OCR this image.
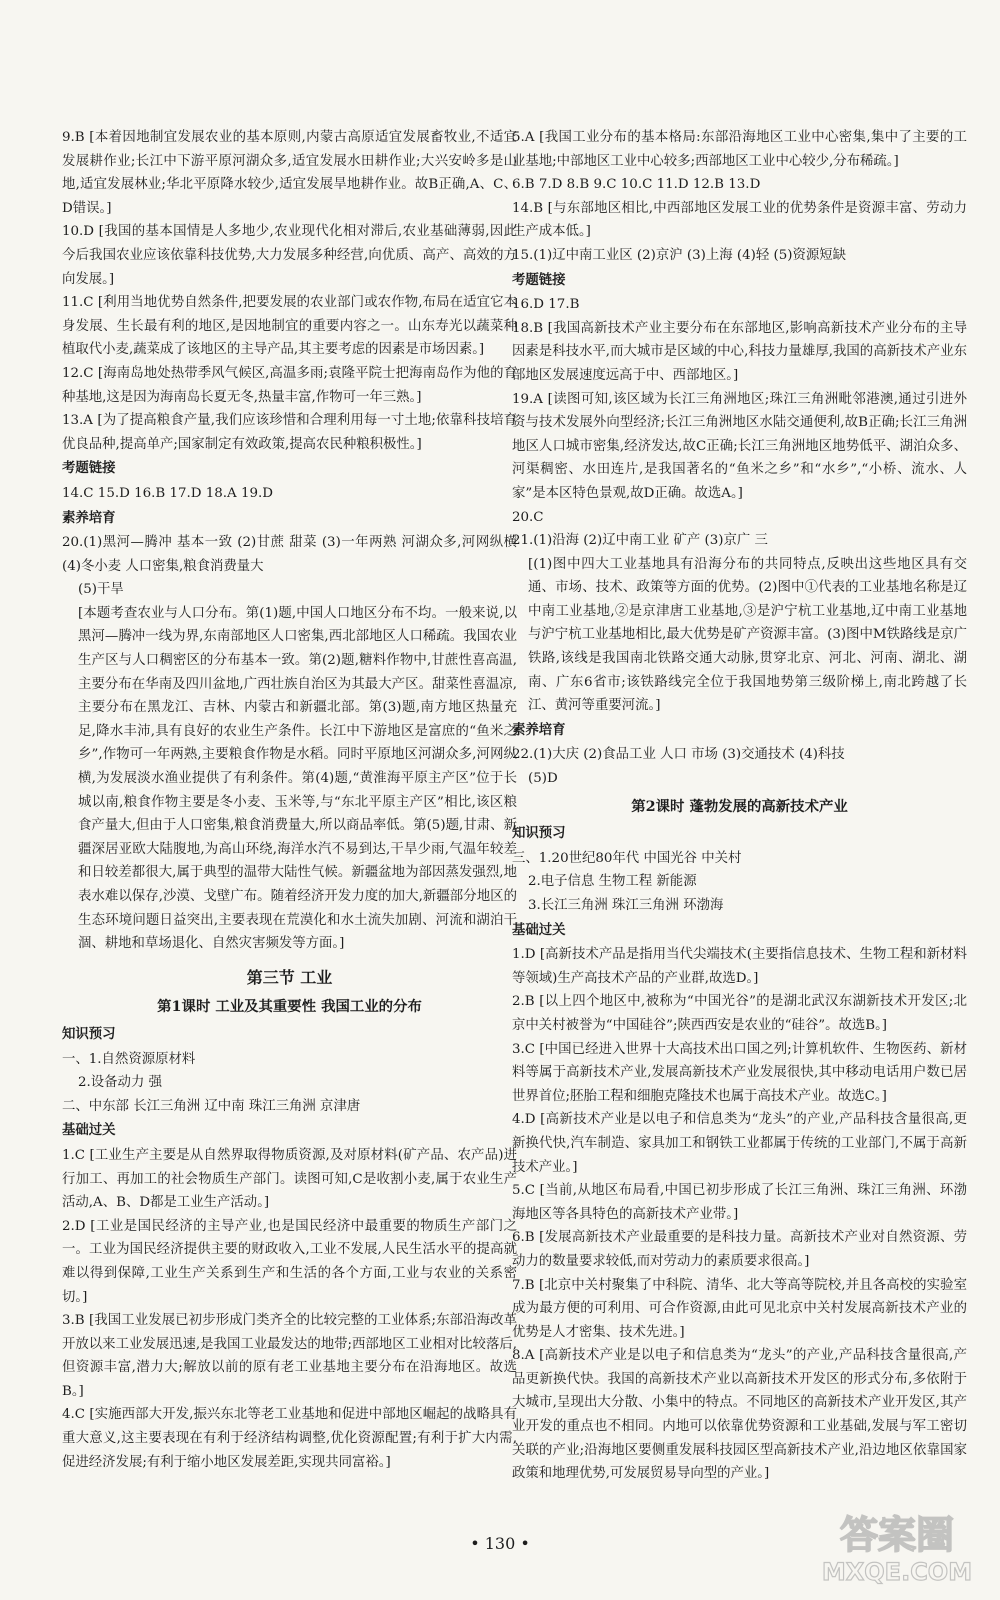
9.B [本着因地制宜发展农业的基本原则,内蒙古高原适宜发展畜牧业,不适宜发展耕作业;长江中下游平原河湖众多,适宜发展水田耕作业;大兴安岭多是山地,适宜发展林业;华北平原降水较少,适宜发展旱地耕作业。故B正确,A、C、D错误。]

10.D [我国的基本国情是人多地少,农业现代化相对滞后,农业基础薄弱,因此今后我国农业应该依靠科技优势,大力发展多种经营,向优质、高产、高效的方向发展。]

11.C [利用当地优势自然条件,把要发展的农业部门或农作物,布局在适宜它本身发展、生长最有利的地区,是因地制宜的重要内容之一。山东寿光以蔬菜种植取代小麦,蔬菜成了该地区的主导产品,其主要考虑的因素是市场因素。]

12.C [海南岛地处热带季风气候区,高温多雨;袁隆平院士把海南岛作为他的育种基地,这是因为海南岛长夏无冬,热量丰富,作物可一年三熟。]

13.A [为了提高粮食产量,我们应该珍惜和合理利用每一寸土地;依靠科技培育优良品种,提高单产;国家制定有效政策,提高农民种粮积极性。]

考题链接

14.C 15.D 16.B 17.D 18.A 19.D

素养培育

20.(1)黑河—腾冲 基本一致 (2)甘蔗 甜菜 (3)一年两熟 河湖众多,河网纵横 (4)冬小麦 人口密集,粮食消费量大

(5)干旱

[本题考查农业与人口分布。第(1)题,中国人口地区分布不均。一般来说,以黑河—腾冲一线为界,东南部地区人口密集,西北部地区人口稀疏。我国农业生产区与人口稠密区的分布基本一致。第(2)题,糖料作物中,甘蔗性喜高温,主要分布在华南及四川盆地,广西壮族自治区为其最大产区。甜菜性喜温凉,主要分布在黑龙江、吉林、内蒙古和新疆北部。第(3)题,南方地区热量充足,降水丰沛,具有良好的农业生产条件。长江中下游地区是富庶的“鱼米之乡”,作物可一年两熟,主要粮食作物是水稻。同时平原地区河湖众多,河网纵横,为发展淡水渔业提供了有利条件。第(4)题,“黄淮海平原主产区”位于长城以南,粮食作物主要是冬小麦、玉米等,与“东北平原主产区”相比,该区粮食产量大,但由于人口密集,粮食消费量大,所以商品率低。第(5)题,甘肃、新疆深居亚欧大陆腹地,为高山环绕,海洋水汽不易到达,干旱少雨,气温年较差和日较差都很大,属于典型的温带大陆性气候。新疆盆地为部因蒸发强烈,地表水难以保存,沙漠、戈壁广布。随着经济开发力度的加大,新疆部分地区的生态环境问题日益突出,主要表现在荒漠化和水土流失加剧、河流和湖泊干涸、耕地和草场退化、自然灾害频发等方面。]

第三节 工业

第1课时 工业及其重要性 我国工业的分布

知识预习

一、1.自然资源原材料

2.设备动力 强

二、中东部 长江三角洲 辽中南 珠江三角洲 京津唐

基础过关

1.C [工业生产主要是从自然界取得物质资源,及对原材料(矿产品、农产品)进行加工、再加工的社会物质生产部门。读图可知,C是收割小麦,属于农业生产活动,A、B、D都是工业生产活动。]

2.D [工业是国民经济的主导产业,也是国民经济中最重要的物质生产部门之一。工业为国民经济提供主要的财政收入,工业不发展,人民生活水平的提高就难以得到保障,工业生产关系到生产和生活的各个方面,工业与农业的关系密切。]

3.B [我国工业发展已初步形成门类齐全的比较完整的工业体系;东部沿海改革开放以来工业发展迅速,是我国工业最发达的地带;西部地区工业相对比较落后,但资源丰富,潜力大;解放以前的原有老工业基地主要分布在沿海地区。故选B。]

4.C [实施西部大开发,振兴东北等老工业基地和促进中部地区崛起的战略具有重大意义,这主要表现在有利于经济结构调整,优化资源配置;有利于扩大内需,促进经济发展;有利于缩小地区发展差距,实现共同富裕。]

5.A [我国工业分布的基本格局:东部沿海地区工业中心密集,集中了主要的工业基地;中部地区工业中心较多;西部地区工业中心较少,分布稀疏。]

6.B 7.D 8.B 9.C 10.C 11.D 12.B 13.D

14.B [与东部地区相比,中西部地区发展工业的优势条件是资源丰富、劳动力生产成本低。]

15.(1)辽中南工业区 (2)京沪 (3)上海 (4)轻 (5)资源短缺

考题链接

16.D 17.B

18.B [我国高新技术产业主要分布在东部地区,影响高新技术产业分布的主导因素是科技水平,而大城市是区域的中心,科技力量雄厚,我国的高新技术产业东部地区发展速度远高于中、西部地区。]

19.A [读图可知,该区域为长江三角洲地区;珠江三角洲毗邻港澳,通过引进外资与技术发展外向型经济;长江三角洲地区水陆交通便利,故B正确;长江三角洲地区人口城市密集,经济发达,故C正确;长江三角洲地区地势低平、湖泊众多、河渠稠密、水田连片,是我国著名的“鱼米之乡”和“水乡”,“小桥、流水、人家”是本区特色景观,故D正确。故选A。]

20.C

21.(1)沿海 (2)辽中南工业 矿产 (3)京广 三

[(1)图中四大工业基地具有沿海分布的共同特点,反映出这些地区具有交通、市场、技术、政策等方面的优势。(2)图中①代表的工业基地名称是辽中南工业基地,②是京津唐工业基地,③是沪宁杭工业基地,辽中南工业基地与沪宁杭工业基地相比,最大优势是矿产资源丰富。(3)图中M铁路线是京广铁路,该线是我国南北铁路交通大动脉,贯穿北京、河北、河南、湖北、湖南、广东6省市;该铁路线完全位于我国地势第三级阶梯上,南北跨越了长江、黄河等重要河流。]

素养培育

22.(1)大庆 (2)食品工业 人口 市场 (3)交通技术 (4)科技

(5)D

第2课时 蓬勃发展的高新技术产业

知识预习

三、1.20世纪80年代 中国光谷 中关村

2.电子信息 生物工程 新能源

3.长江三角洲 珠江三角洲 环渤海

基础过关

1.D [高新技术产品是指用当代尖端技术(主要指信息技术、生物工程和新材料等领域)生产高技术产品的产业群,故选D。]

2.B [以上四个地区中,被称为“中国光谷”的是湖北武汉东湖新技术开发区;北京中关村被誉为“中国硅谷”;陕西西安是农业的“硅谷”。故选B。]

3.C [中国已经进入世界十大高技术出口国之列;计算机软件、生物医药、新材料等属于高新技术产业,发展高新技术产业发展很快,其中移动电话用户数已居世界首位;胚胎工程和细胞克隆技术也属于高技术产业。故选C。]

4.D [高新技术产业是以电子和信息类为“龙头”的产业,产品科技含量很高,更新换代快,汽车制造、家具加工和钢铁工业都属于传统的工业部门,不属于高新技术产业。]

5.C [当前,从地区布局看,中国已初步形成了长江三角洲、珠江三角洲、环渤海地区等各具特色的高新技术产业带。]

6.B [发展高新技术产业最重要的是科技力量。高新技术产业对自然资源、劳动力的数量要求较低,而对劳动力的素质要求很高。]

7.B [北京中关村聚集了中科院、清华、北大等高等院校,并且各高校的实验室成为最方便的可利用、可合作资源,由此可见北京中关村发展高新技术产业的优势是人才密集、技术先进。]

8.A [高新技术产业是以电子和信息类为“龙头”的产业,产品科技含量很高,产品更新换代快。我国的高新技术产业以高新技术开发区的形式分布,多依附于大城市,呈现出大分散、小集中的特点。不同地区的高新技术产业开发区,其产业开发的重点也不相同。内地可以依靠优势资源和工业基础,发展与军工密切关联的产业;沿海地区要侧重发展科技园区型高新技术产业,沿边地区依靠国家政策和地理优势,可发展贸易导向型的产业。]

• 130 •	答案圈
MXQE.COM
